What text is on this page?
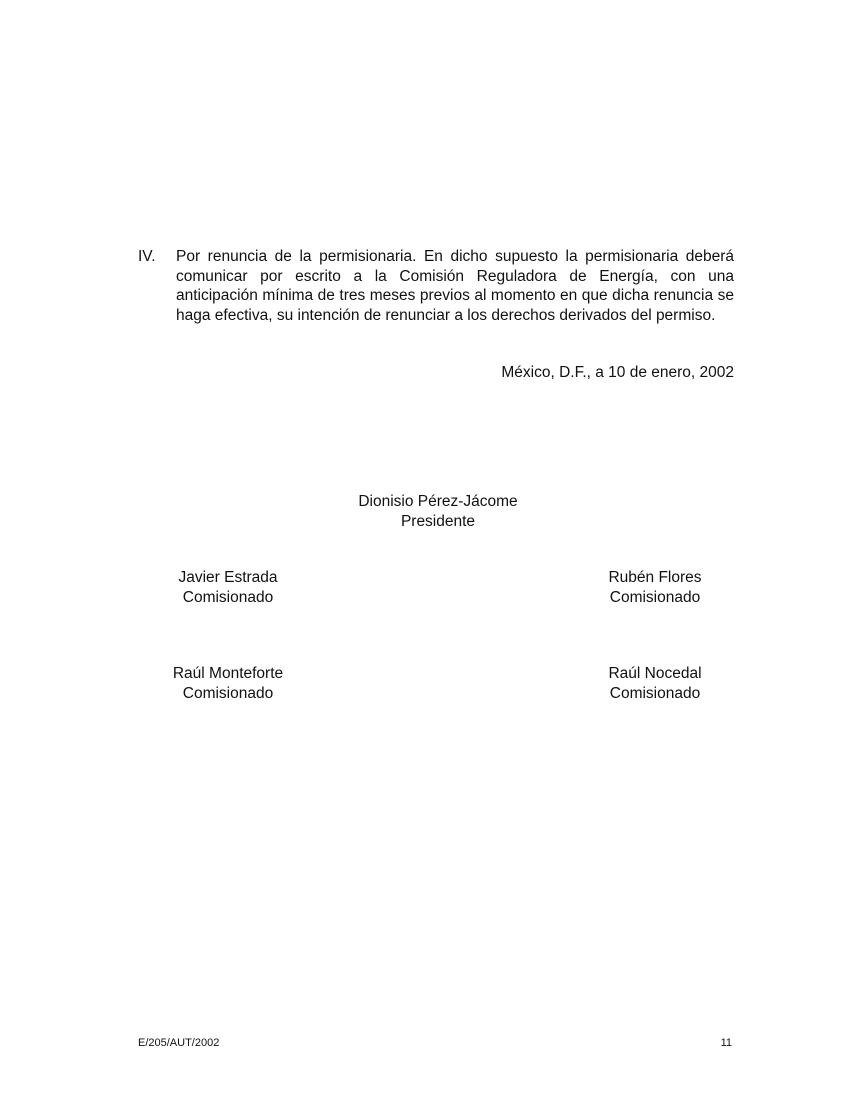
IV.	Por renuncia de la permisionaria. En dicho supuesto la permisionaria deberá comunicar por escrito a la Comisión Reguladora de Energía, con una anticipación mínima de tres meses previos al momento en que dicha renuncia se haga efectiva, su intención de renunciar a los derechos derivados del permiso.
México, D.F., a 10 de enero, 2002
Dionisio Pérez-Jácome
Presidente
Javier Estrada
Comisionado
Rubén Flores
Comisionado
Raúl Monteforte
Comisionado
Raúl Nocedal
Comisionado
E/205/AUT/2002	11
